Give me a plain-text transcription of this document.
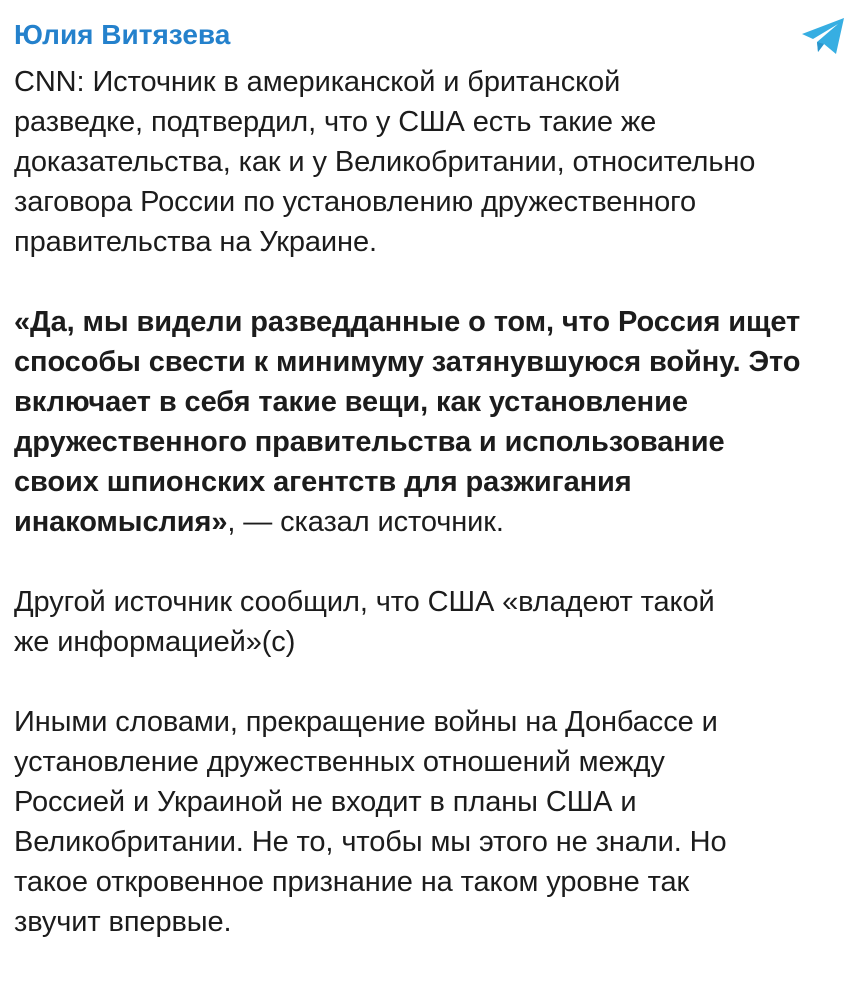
Юлия Витязева

CNN: Источник в американской и британской
разведке, подтвердил, что у США есть такие же
доказательства, как и у Великобритании, относительно
заговора России по установлению дружественного
правительства на Украине.

«Да, мы видели разведданные о том, что Россия ищет
способы свести к минимуму затянувшуюся войну. Это
включает в себя такие вещи, как установление
дружественного правительства и использование
своих шпионских агентств для разжигания
инакомыслия», — сказал источник.

Другой источник сообщил, что США «владеют такой
же информацией»(с)

Иными словами, прекращение войны на Донбассе и
установление дружественных отношений между
Россией и Украиной не входит в планы США и
Великобритании. Не то, чтобы мы этого не знали. Но
такое откровенное признание на таком уровне так
звучит впервые.
